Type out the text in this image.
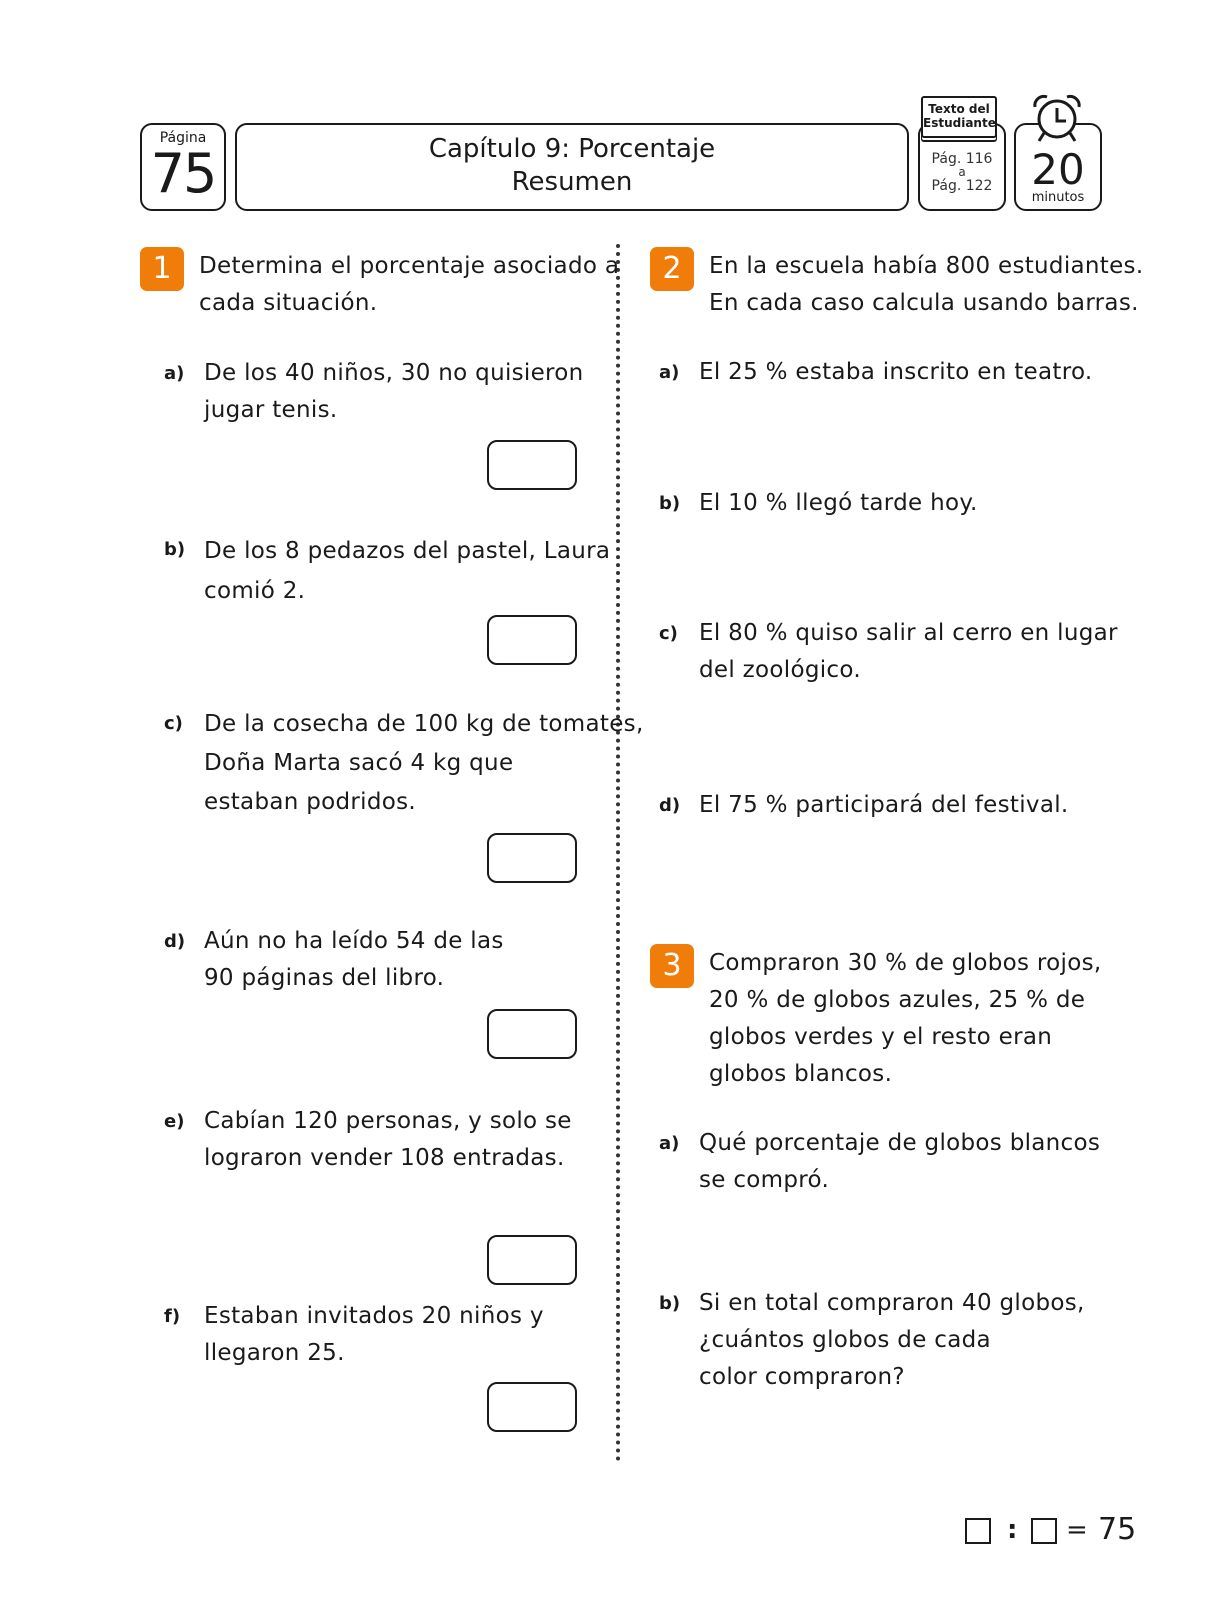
Página
75	Capítulo 9: Porcentaje
Resumen
Pág. 116
a
Pág. 122
Texto del
Estudiante
20
minutos
1	Determina el porcentaje asociado a
cada situación.
a) De los 40 niños, 30 no quisieron
jugar tenis.
b) De los 8 pedazos del pastel, Laura
comió 2.
c) De la cosecha de 100 kg de tomates,
Doña Marta sacó 4 kg que
estaban podridos.
d) Aún no ha leído 54 de las
90 páginas del libro.
e) Cabían 120 personas, y solo se
lograron vender 108 entradas.
f) Estaban invitados 20 niños y
llegaron 25.
2	En la escuela había 800 estudiantes.
En cada caso calcula usando barras.
a) El 25 % estaba inscrito en teatro.
b) El 10 % llegó tarde hoy.
c) El 80 % quiso salir al cerro en lugar
del zoológico.
d) El 75 % participará del festival.
3	Compraron 30 % de globos rojos,
20 % de globos azules, 25 % de
globos verdes y el resto eran
globos blancos.
a) Qué porcentaje de globos blancos
se compró.
b) Si en total compraron 40 globos,
¿cuántos globos de cada
color compraron?
: = 75
